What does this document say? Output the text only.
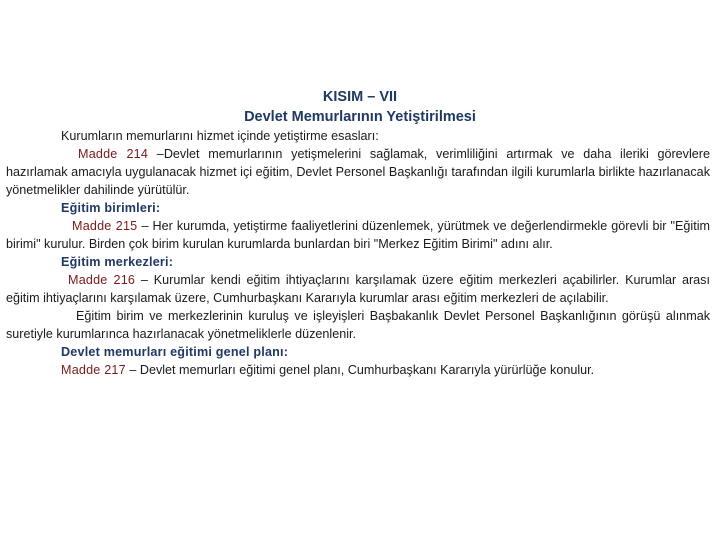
KISIM – VII
Devlet Memurlarının Yetiştirilmesi

Kurumların memurlarını hizmet içinde yetiştirme esasları:

Madde 214 –Devlet memurlarının yetişmelerini sağlamak, verimliliğini artırmak ve daha ileriki görevlere hazırlamak amacıyla uygulanacak hizmet içi eğitim, Devlet Personel Başkanlığı tarafından ilgili kurumlarla birlikte hazırlanacak yönetmelikler dahilinde yürütülür.

Eğitim birimleri:

Madde 215 – Her kurumda, yetiştirme faaliyetlerini düzenlemek, yürütmek ve değerlendirmekle görevli bir "Eğitim birimi" kurulur. Birden çok birim kurulan kurumlarda bunlardan biri "Merkez Eğitim Birimi" adını alır.

Eğitim merkezleri:

Madde 216 – Kurumlar kendi eğitim ihtiyaçlarını karşılamak üzere eğitim merkezleri açabilirler. Kurumlar arası eğitim ihtiyaçlarını karşılamak üzere, Cumhurbaşkanı Kararıyla kurumlar arası eğitim merkezleri de açılabilir.

Eğitim birim ve merkezlerinin kuruluş ve işleyişleri Başbakanlık Devlet Personel Başkanlığının görüşü alınmak suretiyle kurumlarınca hazırlanacak yönetmeliklerle düzenlenir.

Devlet memurları eğitimi genel planı:

Madde 217 – Devlet memurları eğitimi genel planı, Cumhurbaşkanı Kararıyla yürürlüğe konulur.
